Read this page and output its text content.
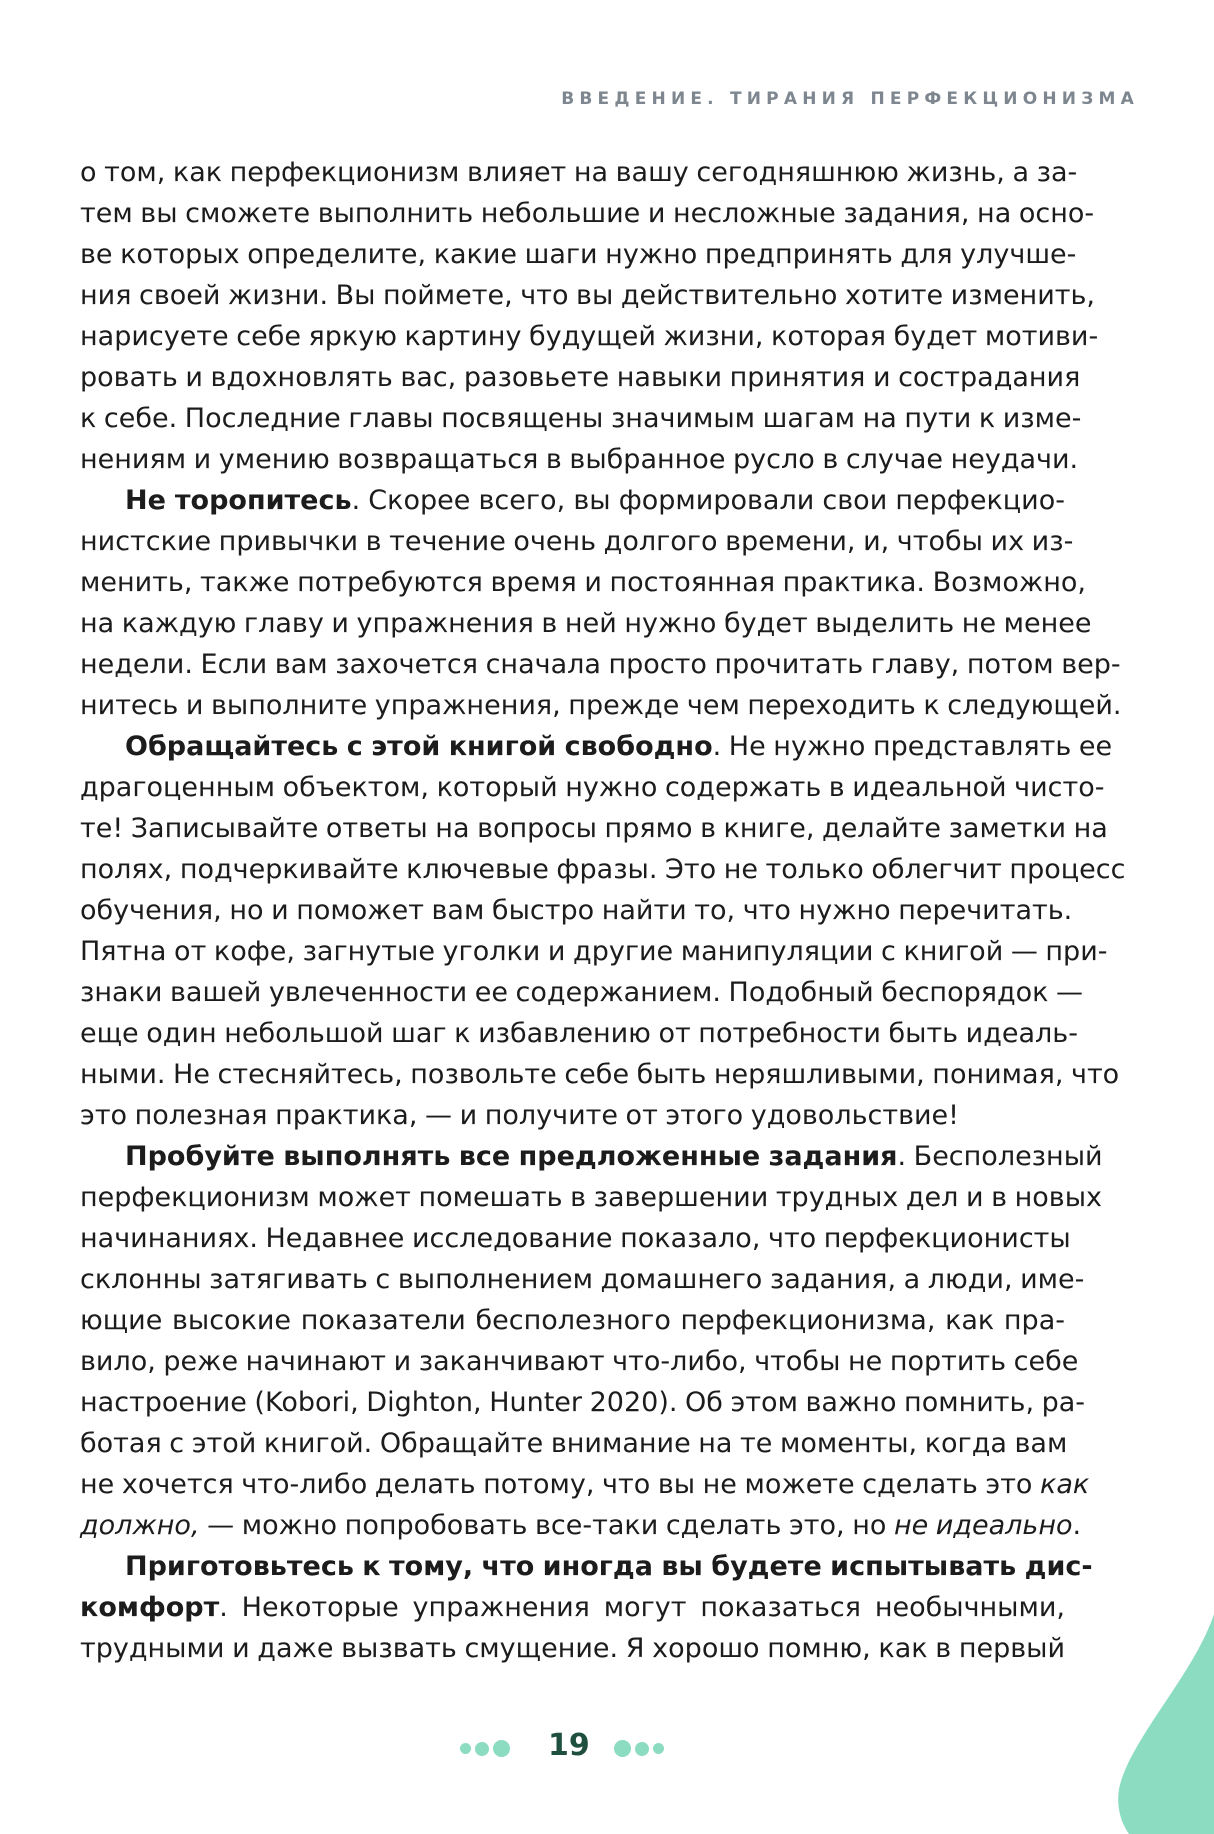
ВВЕДЕНИЕ. ТИРАНИЯ ПЕРФЕКЦИОНИЗМА
о том, как перфекционизм влияет на вашу сегодняшнюю жизнь, а за-
тем вы сможете выполнить небольшие и несложные задания, на осно-
ве которых определите, какие шаги нужно предпринять для улучше-
ния своей жизни. Вы поймете, что вы действительно хотите изменить,
нарисуете себе яркую картину будущей жизни, которая будет мотиви-
ровать и вдохновлять вас, разовьете навыки принятия и сострадания
к себе. Последние главы посвящены значимым шагам на пути к изме-
нениям и умению возвращаться в выбранное русло в случае неудачи.
Не торопитесь. Скорее всего, вы формировали свои перфекцио-
нистские привычки в течение очень долгого времени, и, чтобы их из-
менить, также потребуются время и постоянная практика. Возможно,
на каждую главу и упражнения в ней нужно будет выделить не менее
недели. Если вам захочется сначала просто прочитать главу, потом вер-
нитесь и выполните упражнения, прежде чем переходить к следующей.
Обращайтесь с этой книгой свободно. Не нужно представлять ее
драгоценным объектом, который нужно содержать в идеальной чисто-
те! Записывайте ответы на вопросы прямо в книге, делайте заметки на
полях, подчеркивайте ключевые фразы. Это не только облегчит процесс
обучения, но и поможет вам быстро найти то, что нужно перечитать.
Пятна от кофе, загнутые уголки и другие манипуляции с книгой — при-
знаки вашей увлеченности ее содержанием. Подобный беспорядок —
еще один небольшой шаг к избавлению от потребности быть идеаль-
ными. Не стесняйтесь, позвольте себе быть неряшливыми, понимая, что
это полезная практика, — и получите от этого удовольствие!
Пробуйте выполнять все предложенные задания. Бесполезный
перфекционизм может помешать в завершении трудных дел и в новых
начинаниях. Недавнее исследование показало, что перфекционисты
склонны затягивать с выполнением домашнего задания, а люди, име-
ющие высокие показатели бесполезного перфекционизма, как пра-
вило, реже начинают и заканчивают что-либо, чтобы не портить себе
настроение (Kobori, Dighton, Hunter 2020). Об этом важно помнить, ра-
ботая с этой книгой. Обращайте внимание на те моменты, когда вам
не хочется что-либо делать потому, что вы не можете сделать это как
должно, — можно попробовать все-таки сделать это, но не идеально.
Приготовьтесь к тому, что иногда вы будете испытывать дис-
комфорт. Некоторые упражнения могут показаться необычными,
трудными и даже вызвать смущение. Я хорошо помню, как в первый
19
